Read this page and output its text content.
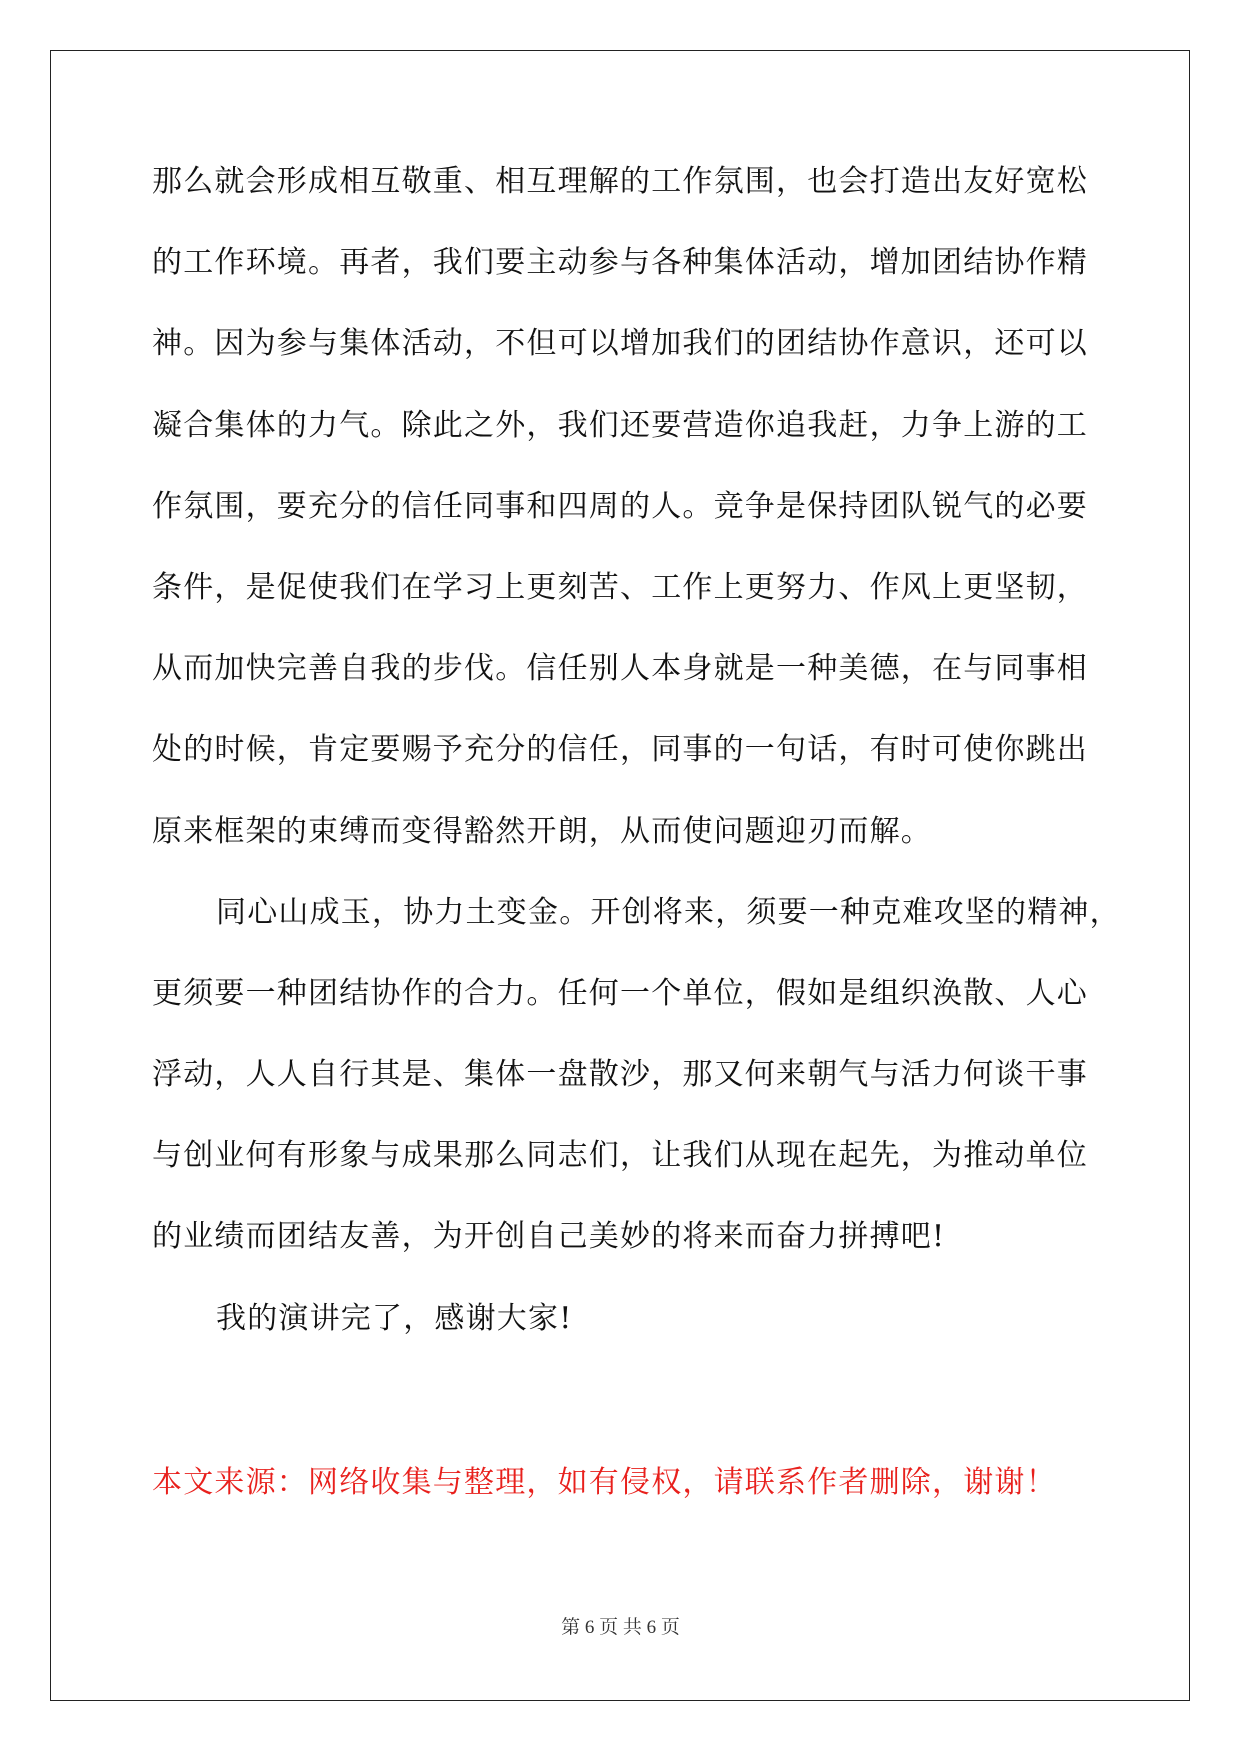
那么就会形成相互敬重、相互理解的工作氛围，也会打造出友好宽松
的工作环境。再者，我们要主动参与各种集体活动，增加团结协作精
神。因为参与集体活动，不但可以增加我们的团结协作意识，还可以
凝合集体的力气。除此之外，我们还要营造你追我赶，力争上游的工
作氛围，要充分的信任同事和四周的人。竞争是保持团队锐气的必要
条件，是促使我们在学习上更刻苦、工作上更努力、作风上更坚韧，
从而加快完善自我的步伐。信任别人本身就是一种美德，在与同事相
处的时候，肯定要赐予充分的信任，同事的一句话，有时可使你跳出
原来框架的束缚而变得豁然开朗，从而使问题迎刃而解。
同心山成玉，协力土变金。开创将来，须要一种克难攻坚的精神，
更须要一种团结协作的合力。任何一个单位，假如是组织涣散、人心
浮动，人人自行其是、集体一盘散沙，那又何来朝气与活力何谈干事
与创业何有形象与成果那么同志们，让我们从现在起先，为推动单位
的业绩而团结友善，为开创自己美妙的将来而奋力拼搏吧!
我的演讲完了，感谢大家!
本文来源：网络收集与整理，如有侵权，请联系作者删除，谢谢！
第 6 页 共 6 页
